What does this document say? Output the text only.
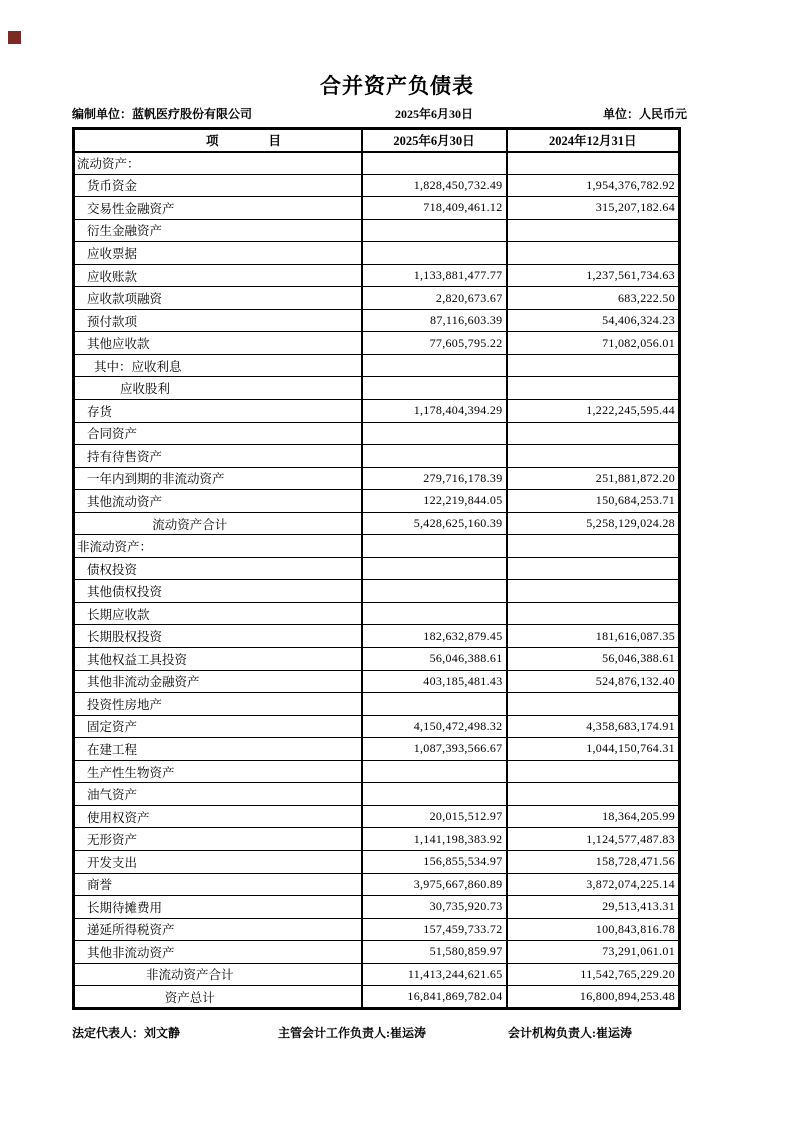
合并资产负债表
编制单位：蓝帆医疗股份有限公司	2025年6月30日	单位：人民币元
项　　　　目	2025年6月30日	2024年12月31日
流动资产：		
货币资金	1,828,450,732.49	1,954,376,782.92
交易性金融资产	718,409,461.12	315,207,182.64
衍生金融资产		
应收票据		
应收账款	1,133,881,477.77	1,237,561,734.63
应收款项融资	2,820,673.67	683,222.50
预付款项	87,116,603.39	54,406,324.23
其他应收款	77,605,795.22	71,082,056.01
其中：应收利息		
应收股利		
存货	1,178,404,394.29	1,222,245,595.44
合同资产		
持有待售资产		
一年内到期的非流动资产	279,716,178.39	251,881,872.20
其他流动资产	122,219,844.05	150,684,253.71
流动资产合计	5,428,625,160.39	5,258,129,024.28
非流动资产：		
债权投资		
其他债权投资		
长期应收款		
长期股权投资	182,632,879.45	181,616,087.35
其他权益工具投资	56,046,388.61	56,046,388.61
其他非流动金融资产	403,185,481.43	524,876,132.40
投资性房地产		
固定资产	4,150,472,498.32	4,358,683,174.91
在建工程	1,087,393,566.67	1,044,150,764.31
生产性生物资产		
油气资产		
使用权资产	20,015,512.97	18,364,205.99
无形资产	1,141,198,383.92	1,124,577,487.83
开发支出	156,855,534.97	158,728,471.56
商誉	3,975,667,860.89	3,872,074,225.14
长期待摊费用	30,735,920.73	29,513,413.31
递延所得税资产	157,459,733.72	100,843,816.78
其他非流动资产	51,580,859.97	73,291,061.01
非流动资产合计	11,413,244,621.65	11,542,765,229.20
资产总计	16,841,869,782.04	16,800,894,253.48
法定代表人：刘文静	主管会计工作负责人:崔运涛	会计机构负责人:崔运涛
